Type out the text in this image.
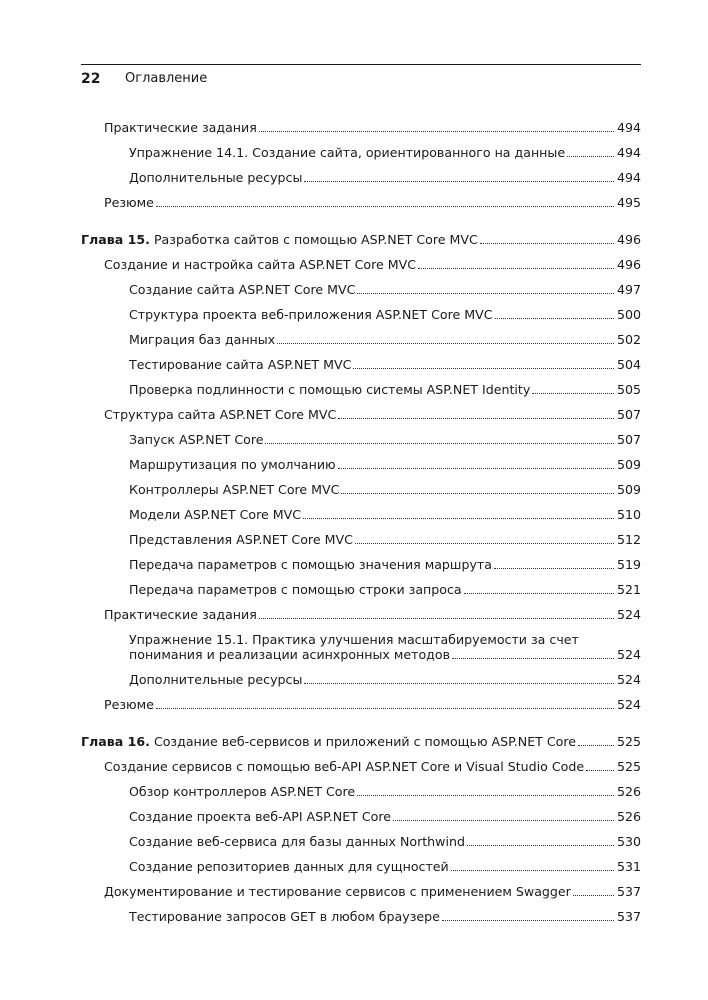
22 Оглавление
Практические задания	494
Упражнение 14.1. Создание сайта, ориентированного на данные	494
Дополнительные ресурсы	494
Резюме	495
Глава 15. Разработка сайтов с помощью ASP.NET Core MVC	496
Создание и настройка сайта ASP.NET Core MVC	496
Создание сайта ASP.NET Core MVC	497
Структура проекта веб-приложения ASP.NET Core MVC	500
Миграция баз данных	502
Тестирование сайта ASP.NET MVC	504
Проверка подлинности с помощью системы ASP.NET Identity	505
Структура сайта ASP.NET Core MVC	507
Запуск ASP.NET Core	507
Маршрутизация по умолчанию	509
Контроллеры ASP.NET Core MVC	509
Модели ASP.NET Core MVC	510
Представления ASP.NET Core MVC	512
Передача параметров с помощью значения маршрута	519
Передача параметров с помощью строки запроса	521
Практические задания	524
Упражнение 15.1. Практика улучшения масштабируемости за счет
понимания и реализации асинхронных методов	524
Дополнительные ресурсы	524
Резюме	524
Глава 16. Создание веб-сервисов и приложений с помощью ASP.NET Core	525
Создание сервисов с помощью веб-API ASP.NET Core и Visual Studio Code	525
Обзор контроллеров ASP.NET Core	526
Создание проекта веб-API ASP.NET Core	526
Создание веб-сервиса для базы данных Northwind	530
Создание репозиториев данных для сущностей	531
Документирование и тестирование сервисов с применением Swagger	537
Тестирование запросов GET в любом браузере	537
